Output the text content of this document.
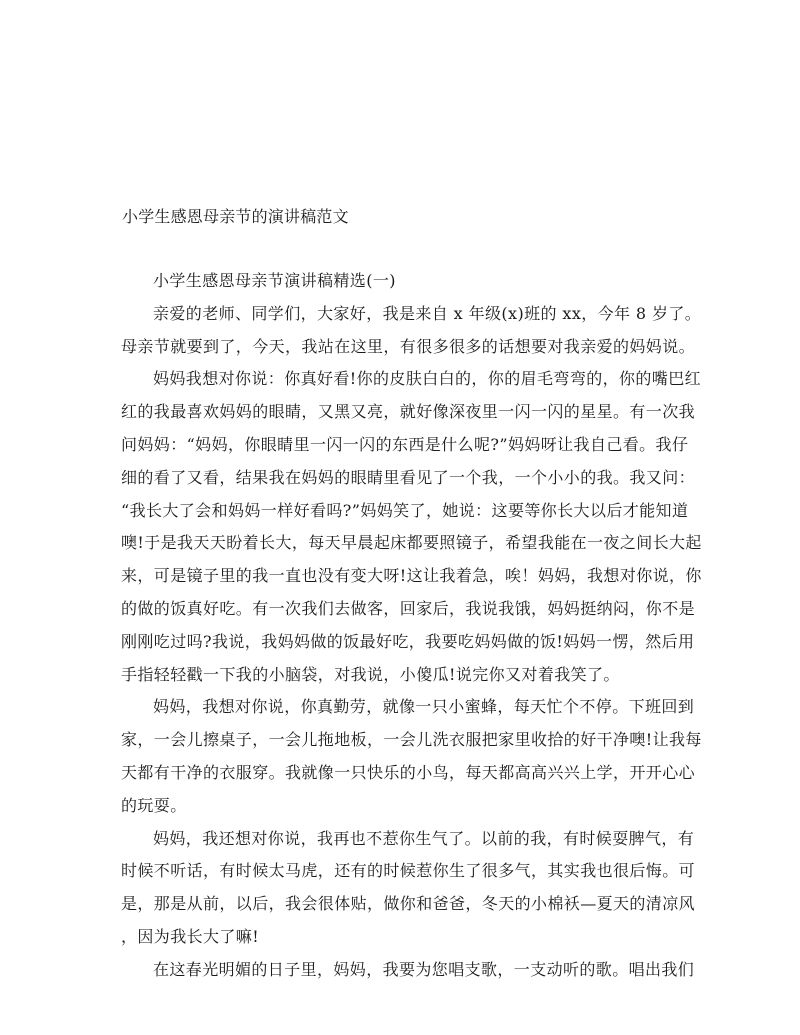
小学生感恩母亲节的演讲稿范文
小学生感恩母亲节演讲稿精选(一)
亲爱的老师、同学们，大家好，我是来自 x 年级(x)班的 xx，今年 8 岁了。
母亲节就要到了，今天，我站在这里，有很多很多的话想要对我亲爱的妈妈说。
妈妈我想对你说：你真好看!你的皮肤白白的，你的眉毛弯弯的，你的嘴巴红
红的我最喜欢妈妈的眼睛，又黑又亮，就好像深夜里一闪一闪的星星。有一次我
问妈妈：“妈妈，你眼睛里一闪一闪的东西是什么呢?”妈妈呀让我自己看。我仔
细的看了又看，结果我在妈妈的眼睛里看见了一个我，一个小小的我。我又问：
“我长大了会和妈妈一样好看吗?”妈妈笑了，她说：这要等你长大以后才能知道
噢!于是我天天盼着长大，每天早晨起床都要照镜子，希望我能在一夜之间长大起
来，可是镜子里的我一直也没有变大呀!这让我着急，唉！妈妈，我想对你说，你
的做的饭真好吃。有一次我们去做客，回家后，我说我饿，妈妈挺纳闷，你不是
刚刚吃过吗?我说，我妈妈做的饭最好吃，我要吃妈妈做的饭!妈妈一愣，然后用
手指轻轻戳一下我的小脑袋，对我说，小傻瓜!说完你又对着我笑了。
妈妈，我想对你说，你真勤劳，就像一只小蜜蜂，每天忙个不停。下班回到
家，一会儿擦桌子，一会儿拖地板，一会儿洗衣服把家里收拾的好干净噢!让我每
天都有干净的衣服穿。我就像一只快乐的小鸟，每天都高高兴兴上学，开开心心
的玩耍。
妈妈，我还想对你说，我再也不惹你生气了。以前的我，有时候耍脾气，有
时候不听话，有时候太马虎，还有的时候惹你生了很多气，其实我也很后悔。可
是，那是从前，以后，我会很体贴，做你和爸爸，冬天的小棉袄—夏天的清凉风
，因为我长大了嘛!
在这春光明媚的日子里，妈妈，我要为您唱支歌，一支动听的歌。唱出我们
